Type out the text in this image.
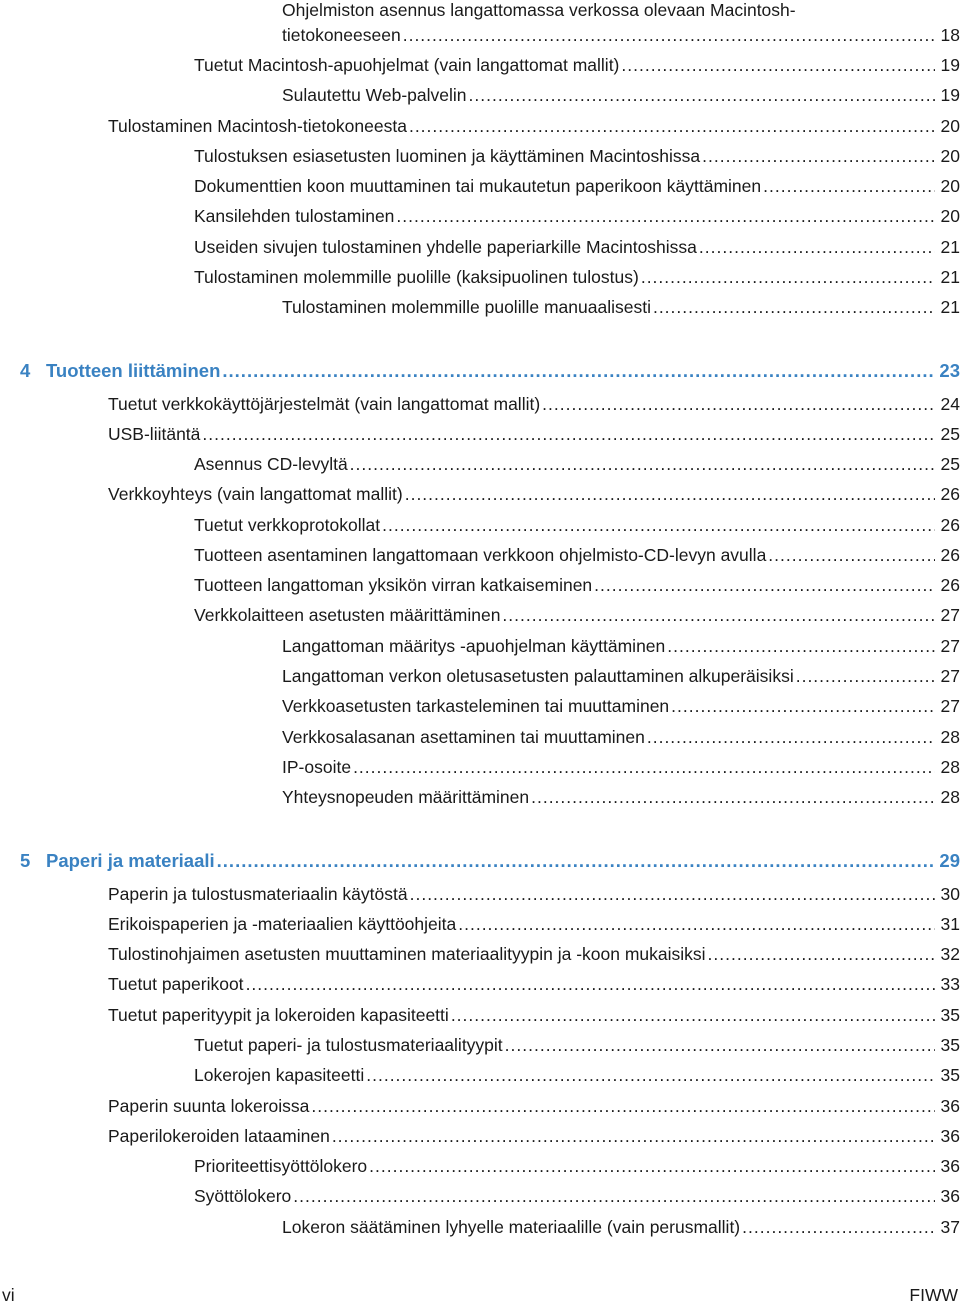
Ohjelmiston asennus langattomassa verkossa olevaan Macintosh-
tietokoneeseen .....	18
Tuetut Macintosh-apuohjelmat (vain langattomat mallit) .....	19
Sulautettu Web-palvelin .....	19
Tulostaminen Macintosh-tietokoneesta .....	20
Tulostuksen esiasetusten luominen ja käyttäminen Macintoshissa .....	20
Dokumenttien koon muuttaminen tai mukautetun paperikoon käyttäminen .....	20
Kansilehden tulostaminen .....	20
Useiden sivujen tulostaminen yhdelle paperiarkille Macintoshissa .....	21
Tulostaminen molemmille puolille (kaksipuolinen tulostus) .....	21
Tulostaminen molemmille puolille manuaalisesti .....	21
4 Tuotteen liittäminen .....	23
Tuetut verkkokäyttöjärjestelmät (vain langattomat mallit) .....	24
USB-liitäntä .....	25
Asennus CD-levyltä .....	25
Verkkoyhteys (vain langattomat mallit) .....	26
Tuetut verkkoprotokollat .....	26
Tuotteen asentaminen langattomaan verkkoon ohjelmisto-CD-levyn avulla .....	26
Tuotteen langattoman yksikön virran katkaiseminen .....	26
Verkkolaitteen asetusten määrittäminen .....	27
Langattoman määritys -apuohjelman käyttäminen .....	27
Langattoman verkon oletusasetusten palauttaminen alkuperäisiksi .....	27
Verkkoasetusten tarkasteleminen tai muuttaminen .....	27
Verkkosalasanan asettaminen tai muuttaminen .....	28
IP-osoite .....	28
Yhteysnopeuden määrittäminen .....	28
5 Paperi ja materiaali .....	29
Paperin ja tulostusmateriaalin käytöstä .....	30
Erikoispaperien ja -materiaalien käyttöohjeita .....	31
Tulostinohjaimen asetusten muuttaminen materiaalityypin ja -koon mukaisiksi .....	32
Tuetut paperikoot .....	33
Tuetut paperityypit ja lokeroiden kapasiteetti .....	35
Tuetut paperi- ja tulostusmateriaalityypit .....	35
Lokerojen kapasiteetti .....	35
Paperin suunta lokeroissa .....	36
Paperilokeroiden lataaminen .....	36
Prioriteettisyöttölokero .....	36
Syöttölokero .....	36
Lokeron säätäminen lyhyelle materiaalille (vain perusmallit) .....	37
vi	FIWW
